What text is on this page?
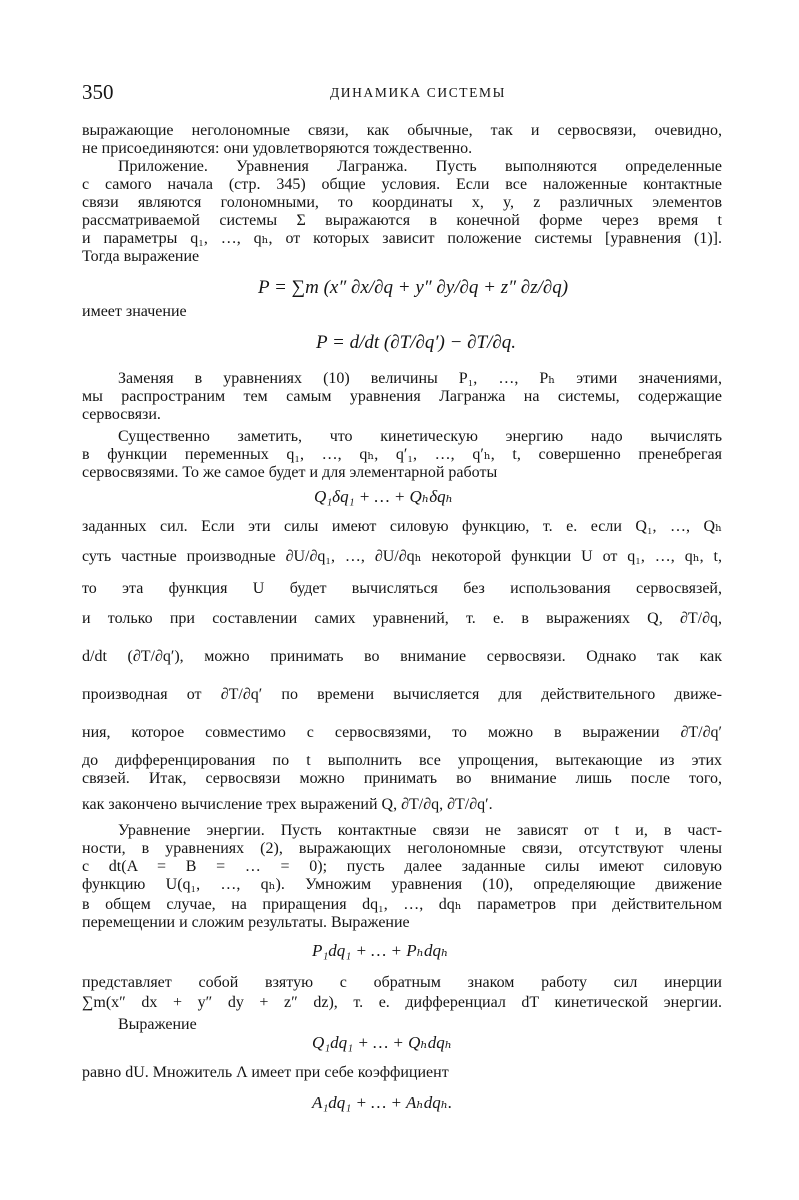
350	ДИНАМИКА СИСТЕМЫ
выражающие неголономные связи, как обычные, так и сервосвязи, очевидно,
не присоединяются: они удовлетворяются тождественно.
Приложение. Уравнения Лагранжа. Пусть выполняются определенные
с самого начала (стр. 345) общие условия. Если все наложенные контактные
связи являются голономными, то координаты x, y, z различных элементов
рассматриваемой системы Σ выражаются в конечной форме через время t
и параметры q₁, …, qₕ, от которых зависит положение системы [уравнения (1)].
Тогда выражение
имеет значение
Заменяя в уравнениях (10) величины P₁, …, Pₕ этими значениями,
мы распространим тем самым уравнения Лагранжа на системы, содержащие
сервосвязи.
Существенно заметить, что кинетическую энергию надо вычислять
в функции переменных q₁, …, qₕ, q′₁, …, q′ₕ, t, совершенно пренебрегая
сервосвязями. То же самое будет и для элементарной работы
заданных сил. Если эти силы имеют силовую функцию, т. е. если Q₁, …, Qₕ
суть частные производные ∂U/∂q₁, …, ∂U/∂qₕ некоторой функции U от q₁, …, qₕ, t,
то эта функция U будет вычисляться без использования сервосвязей,
и только при составлении самих уравнений, т. е. в выражениях Q, ∂T/∂q,
d/dt (∂T/∂q′), можно принимать во внимание сервосвязи. Однако так как
производная от ∂T/∂q′ по времени вычисляется для действительного движе-
ния, которое совместимо с сервосвязями, то можно в выражении ∂T/∂q′
до дифференцирования по t выполнить все упрощения, вытекающие из этих
связей. Итак, сервосвязи можно принимать во внимание лишь после того,
как закончено вычисление трех выражений Q, ∂T/∂q, ∂T/∂q′.
Уравнение энергии. Пусть контактные связи не зависят от t и, в част-
ности, в уравнениях (2), выражающих неголономные связи, отсутствуют члены
с dt(A = B = … = 0); пусть далее заданные силы имеют силовую
функцию U(q₁, …, qₕ). Умножим уравнения (10), определяющие движение
в общем случае, на приращения dq₁, …, dqₕ параметров при действительном
перемещении и сложим результаты. Выражение
представляет собой взятую с обратным знаком работу сил инерции
∑m(x″ dx + y″ dy + z″ dz), т. е. дифференциал dT кинетической энергии.
Выражение
равно dU. Множитель Λ имеет при себе коэффициент
P = ∑m (x″ ∂x/∂q + y″ ∂y/∂q + z″ ∂z/∂q)
P = d/dt (∂T/∂q′) − ∂T/∂q.
Q₁δq₁ + … + Qₕδqₕ
P₁dq₁ + … + Pₕdqₕ
Q₁dq₁ + … + Qₕdqₕ
A₁dq₁ + … + Aₕdqₕ.
